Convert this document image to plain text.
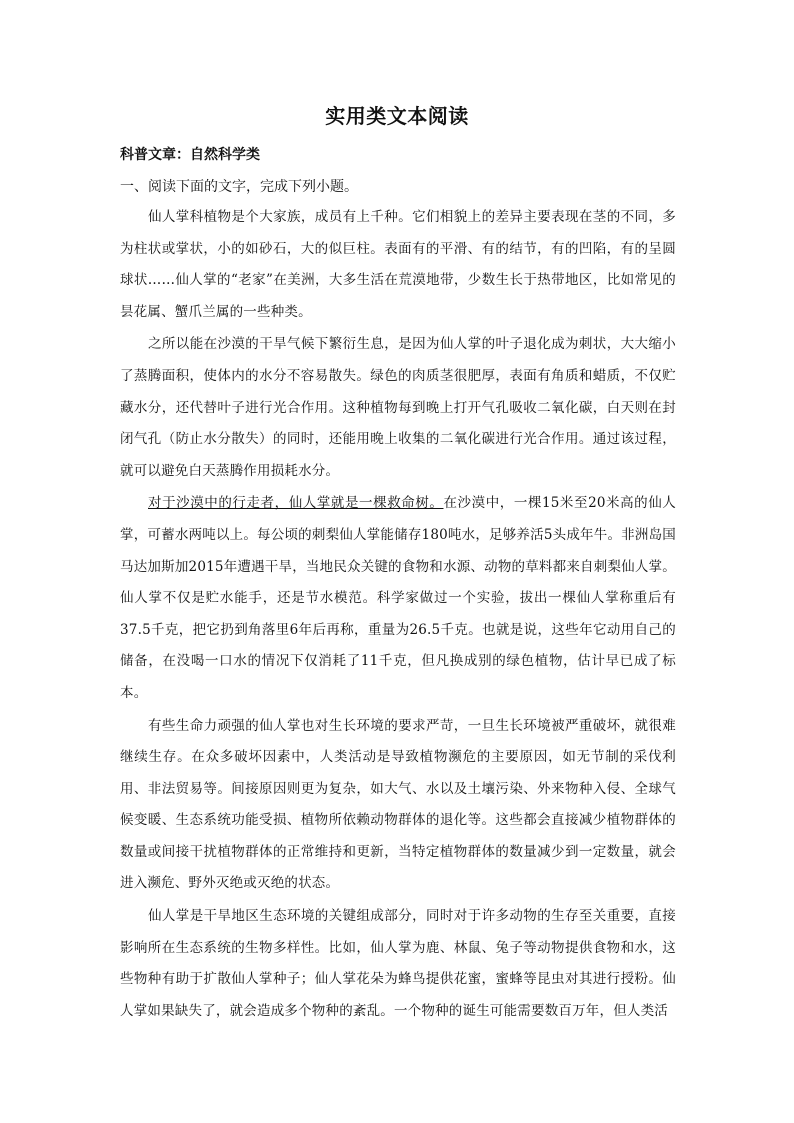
实用类文本阅读
科普文章：自然科学类
一、阅读下面的文字，完成下列小题。

仙人掌科植物是个大家族，成员有上千种。它们相貌上的差异主要表现在茎的不同，多为柱状或掌状，小的如砂石，大的似巨柱。表面有的平滑、有的结节，有的凹陷，有的呈圆球状……仙人掌的“老家”在美洲，大多生活在荒漠地带，少数生长于热带地区，比如常见的昙花属、蟹爪兰属的一些种类。

之所以能在沙漠的干旱气候下繁衍生息，是因为仙人掌的叶子退化成为刺状，大大缩小了蒸腾面积，使体内的水分不容易散失。绿色的肉质茎很肥厚，表面有角质和蜡质，不仅贮藏水分，还代替叶子进行光合作用。这种植物每到晚上打开气孔吸收二氧化碳，白天则在封闭气孔（防止水分散失）的同时，还能用晚上收集的二氧化碳进行光合作用。通过该过程，就可以避免白天蒸腾作用损耗水分。

对于沙漠中的行走者，仙人掌就是一棵救命树。在沙漠中，一棵15米至20米高的仙人掌，可蓄水两吨以上。每公顷的刺梨仙人掌能储存180吨水，足够养活5头成年牛。非洲岛国马达加斯加2015年遭遇干旱，当地民众关键的食物和水源、动物的草料都来自刺梨仙人掌。仙人掌不仅是贮水能手，还是节水模范。科学家做过一个实验，拔出一棵仙人掌称重后有37.5千克，把它扔到角落里6年后再称，重量为26.5千克。也就是说，这些年它动用自己的储备，在没喝一口水的情况下仅消耗了11千克，但凡换成别的绿色植物，估计早已成了标本。

有些生命力顽强的仙人掌也对生长环境的要求严苛，一旦生长环境被严重破坏，就很难继续生存。在众多破坏因素中，人类活动是导致植物濒危的主要原因，如无节制的采伐利用、非法贸易等。间接原因则更为复杂，如大气、水以及土壤污染、外来物种入侵、全球气候变暖、生态系统功能受损、植物所依赖动物群体的退化等。这些都会直接减少植物群体的数量或间接干扰植物群体的正常维持和更新，当特定植物群体的数量减少到一定数量，就会进入濒危、野外灭绝或灭绝的状态。

仙人掌是干旱地区生态环境的关键组成部分，同时对于许多动物的生存至关重要，直接影响所在生态系统的生物多样性。比如，仙人掌为鹿、林鼠、兔子等动物提供食物和水，这些物种有助于扩散仙人掌种子；仙人掌花朵为蜂鸟提供花蜜，蜜蜂等昆虫对其进行授粉。仙人掌如果缺失了，就会造成多个物种的紊乱。一个物种的诞生可能需要数百万年，但人类活
